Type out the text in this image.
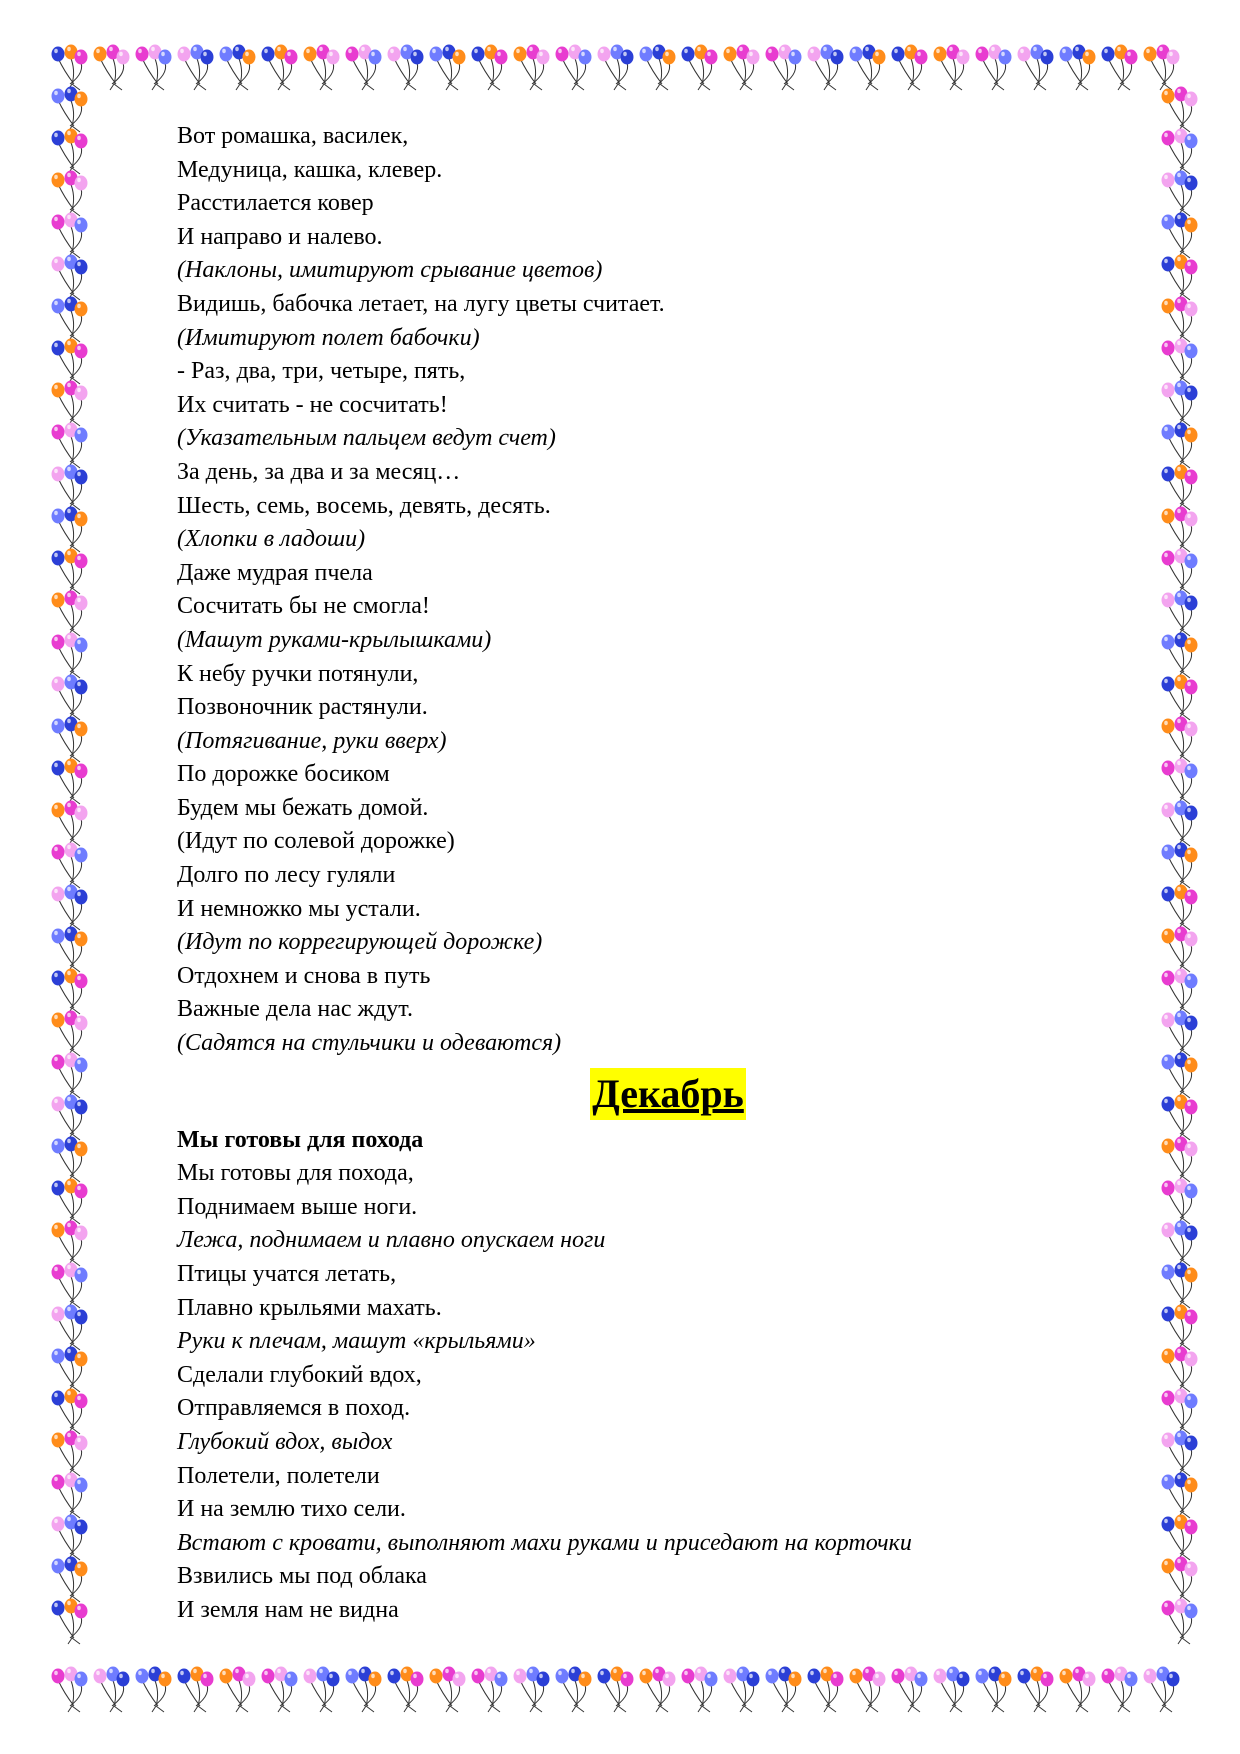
Вот ромашка, василек,
Медуница, кашка, клевер.
Расстилается ковер
И направо и налево.
(Наклоны, имитируют срывание цветов)
Видишь, бабочка летает, на лугу цветы считает.
(Имитируют полет бабочки)
- Раз, два, три, четыре, пять,
Их считать - не сосчитать!
(Указательным пальцем ведут счет)
За день, за два и за месяц…
Шесть, семь, восемь, девять, десять.
(Хлопки в ладоши)
Даже мудрая пчела
Сосчитать бы не смогла!
(Машут руками-крылышками)
К небу ручки потянули,
Позвоночник растянули.
(Потягивание, руки вверх)
По дорожке босиком
Будем мы бежать домой.
(Идут по солевой дорожке)
Долго по лесу гуляли
И немножко мы устали.
(Идут по коррегирующей дорожке)
Отдохнем и снова в путь
Важные дела нас ждут.
(Садятся на стульчики и одеваются)
Декабрь
Мы готовы для похода
Мы готовы для похода,
Поднимаем выше ноги.
Лежа, поднимаем и плавно опускаем ноги
Птицы учатся летать,
Плавно крыльями махать.
Руки к плечам, машут «крыльями»
Сделали глубокий вдох,
Отправляемся в поход.
Глубокий вдох, выдох
Полетели, полетели
И на землю тихо сели.
Встают с кровати, выполняют махи руками и приседают на корточки
Взвились мы под облака
И земля нам не видна
